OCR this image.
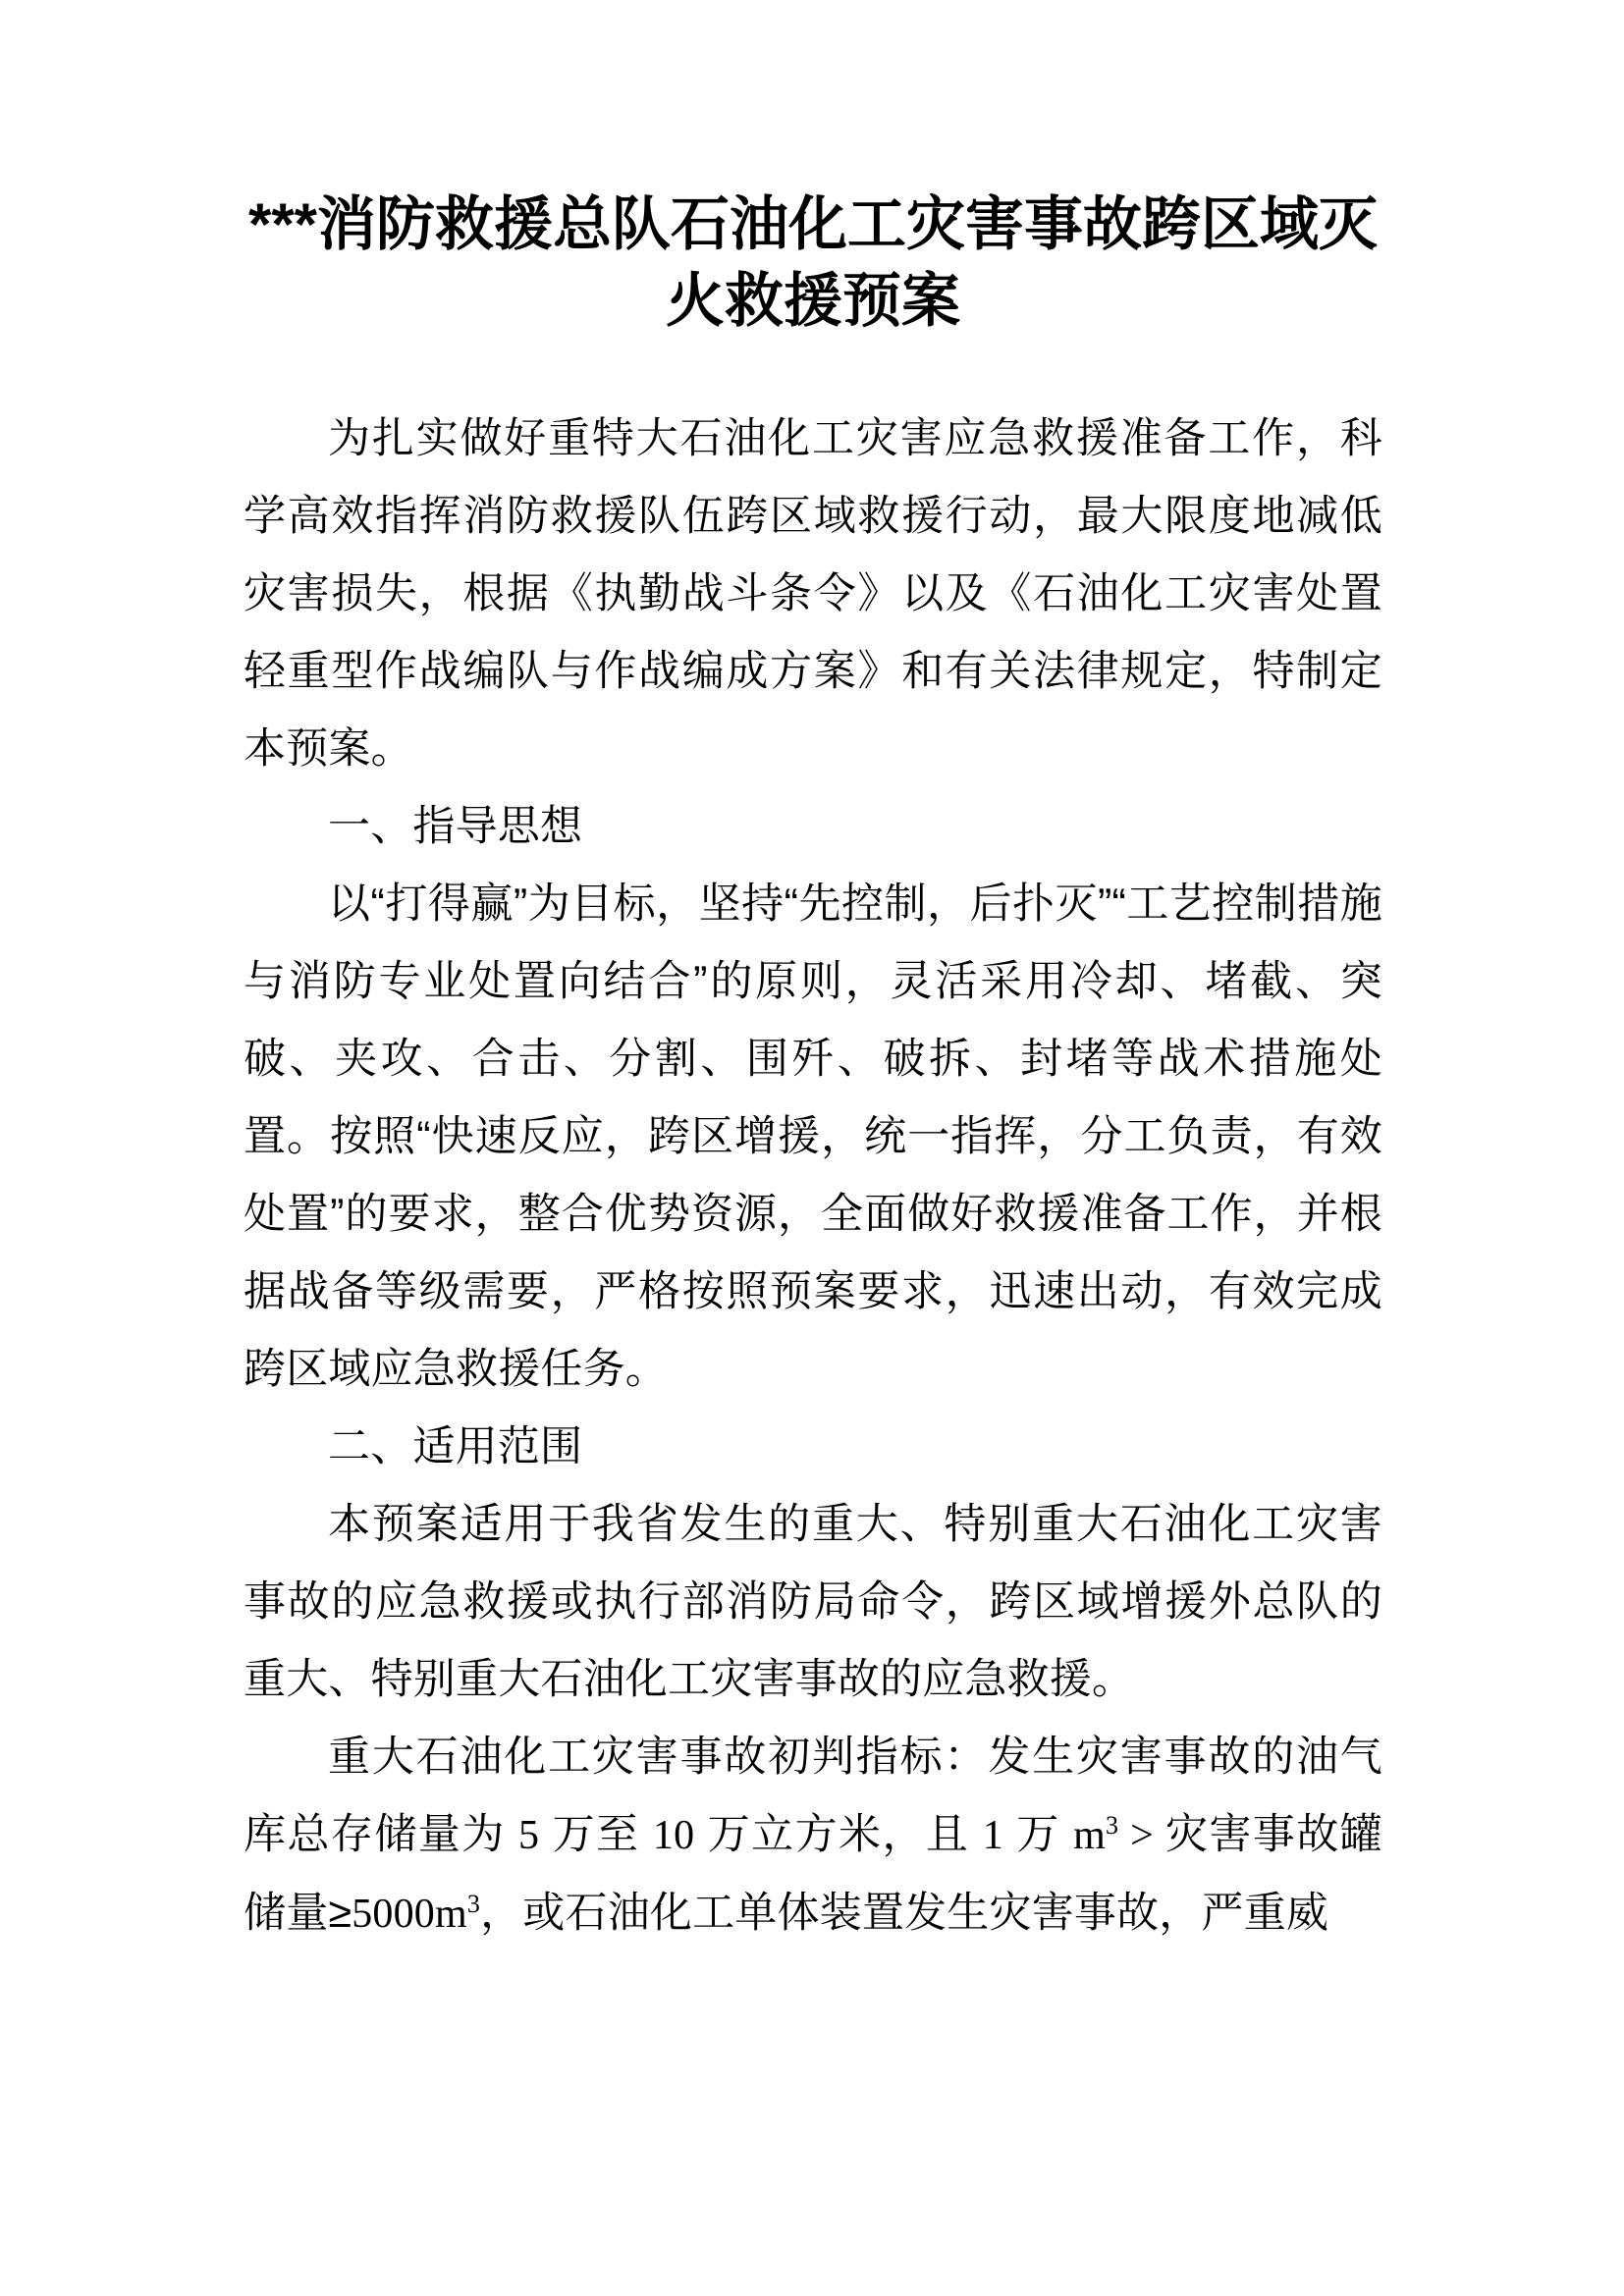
***消防救援总队石油化工灾害事故跨区域灭火救援预案

为扎实做好重特大石油化工灾害应急救援准备工作，科学高效指挥消防救援队伍跨区域救援行动，最大限度地减低灾害损失，根据《执勤战斗条令》以及《石油化工灾害处置轻重型作战编队与作战编成方案》和有关法律规定，特制定本预案。

一、指导思想

以“打得赢”为目标，坚持“先控制，后扑灭”“工艺控制措施与消防专业处置向结合”的原则，灵活采用冷却、堵截、突破、夹攻、合击、分割、围歼、破拆、封堵等战术措施处置。按照“快速反应，跨区增援，统一指挥，分工负责，有效处置”的要求，整合优势资源，全面做好救援准备工作，并根据战备等级需要，严格按照预案要求，迅速出动，有效完成跨区域应急救援任务。

二、适用范围

本预案适用于我省发生的重大、特别重大石油化工灾害事故的应急救援或执行部消防局命令，跨区域增援外总队的重大、特别重大石油化工灾害事故的应急救援。

重大石油化工灾害事故初判指标：发生灾害事故的油气库总存储量为 5 万至 10 万立方米，且 1 万 $m^3$ > 灾害事故罐储量$\ge 5000m^3$，或石油化工单体装置发生灾害事故，严重威
